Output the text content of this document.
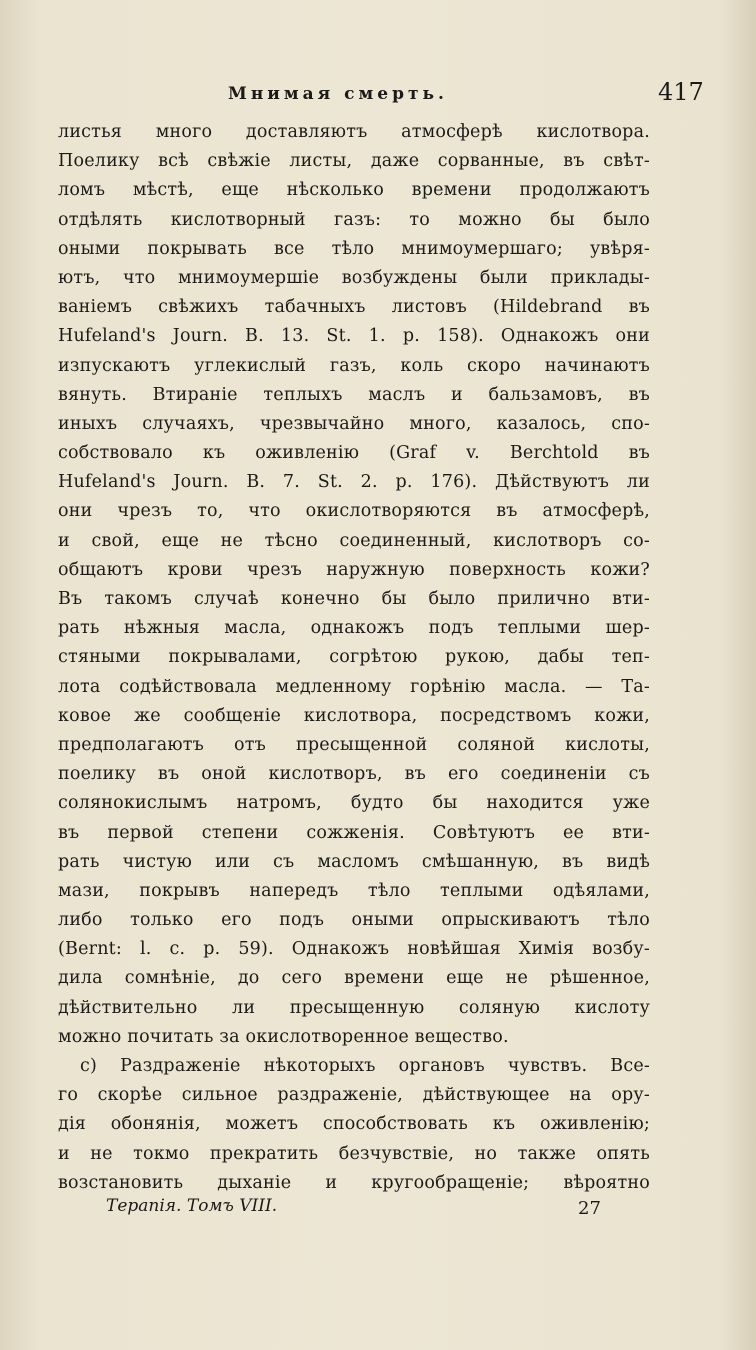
Мнимая смерть.	417
листья много доставляютъ атмосферѣ кислотвора.
Поелику всѣ свѣжіе листы, даже сорванные, въ свѣт-
ломъ мѣстѣ, еще нѣсколько времени продолжаютъ
отдѣлять кислотворный газъ: то можно бы было
оными покрывать все тѣло мнимоумершаго; увѣря-
ютъ, что мнимоумершіе возбуждены были приклады-
ваніемъ свѣжихъ табачныхъ листовъ (Hildebrand въ
Hufeland's Journ. B. 13. St. 1. p. 158). Однакожъ они
изпускаютъ углекислый газъ, коль скоро начинаютъ
вянуть. Втираніе теплыхъ маслъ и бальзамовъ, въ
иныхъ случаяхъ, чрезвычайно много, казалось, спо-
собствовало къ оживленію (Graf v. Berchtold въ
Hufeland's Journ. B. 7. St. 2. p. 176). Дѣйствуютъ ли
они чрезъ то, что окислотворяются въ атмосферѣ,
и свой, еще не тѣсно соединенный, кислотворъ со-
общаютъ крови чрезъ наружную поверхность кожи?
Въ такомъ случаѣ конечно бы было прилично вти-
рать нѣжныя масла, однакожъ подъ теплыми шер-
стяными покрывалами, согрѣтою рукою, дабы теп-
лота содѣйствовала медленному горѣнію масла. — Та-
ковое же сообщеніе кислотвора, посредствомъ кожи,
предполагаютъ отъ пресыщенной соляной кислоты,
поелику въ оной кислотворъ, въ его соединеніи съ
солянокислымъ натромъ, будто бы находится уже
въ первой степени сожженія. Совѣтуютъ ее вти-
рать чистую или съ масломъ смѣшанную, въ видѣ
мази, покрывъ напередъ тѣло теплыми одѣялами,
либо только его подъ оными опрыскиваютъ тѣло
(Bernt: l. c. p. 59). Однакожъ новѣйшая Химія возбу-
дила сомнѣніе, до сего времени еще не рѣшенное,
дѣйствительно ли пресыщенную соляную кислоту
можно почитать за окислотворенное вещество.
c) Раздраженіе нѣкоторыхъ органовъ чувствъ. Все-
го скорѣе сильное раздраженіе, дѣйствующее на ору-
дія обонянія, можетъ способствовать къ оживленію;
и не токмо прекратить безчувствіе, но также опять
возстановить дыханіе и кругообращеніе; вѣроятно
Терапія. Томъ VIII.	27
